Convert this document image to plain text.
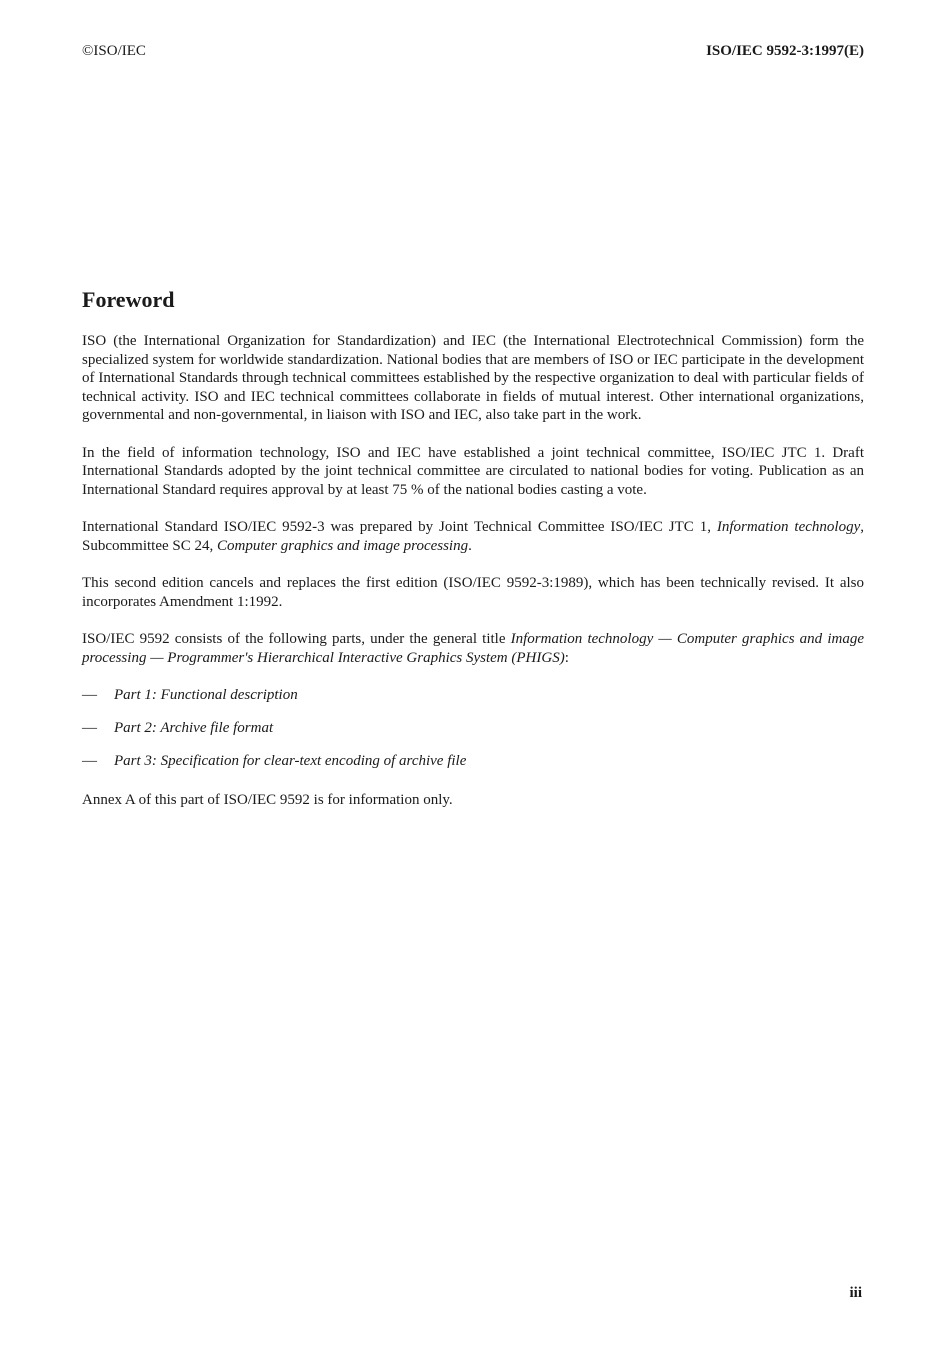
©ISO/IEC	ISO/IEC 9592-3:1997(E)
Foreword

ISO (the International Organization for Standardization) and IEC (the International Electrotechnical Commission) form the specialized system for worldwide standardization. National bodies that are members of ISO or IEC participate in the development of International Standards through technical committees established by the respective organization to deal with particular fields of technical activity. ISO and IEC technical committees collaborate in fields of mutual interest. Other international organizations, governmental and non-governmental, in liaison with ISO and IEC, also take part in the work.

In the field of information technology, ISO and IEC have established a joint technical committee, ISO/IEC JTC 1. Draft International Standards adopted by the joint technical committee are circulated to national bodies for voting. Publication as an International Standard requires approval by at least 75 % of the national bodies casting a vote.

International Standard ISO/IEC 9592-3 was prepared by Joint Technical Committee ISO/IEC JTC 1, Information technology, Subcommittee SC 24, Computer graphics and image processing.

This second edition cancels and replaces the first edition (ISO/IEC 9592-3:1989), which has been technically revised. It also incorporates Amendment 1:1992.

ISO/IEC 9592 consists of the following parts, under the general title Information technology — Computer graphics and image processing — Programmer's Hierarchical Interactive Graphics System (PHIGS):

—	Part 1: Functional description
—	Part 2: Archive file format
—	Part 3: Specification for clear-text encoding of archive file

Annex A of this part of ISO/IEC 9592 is for information only.

iii
